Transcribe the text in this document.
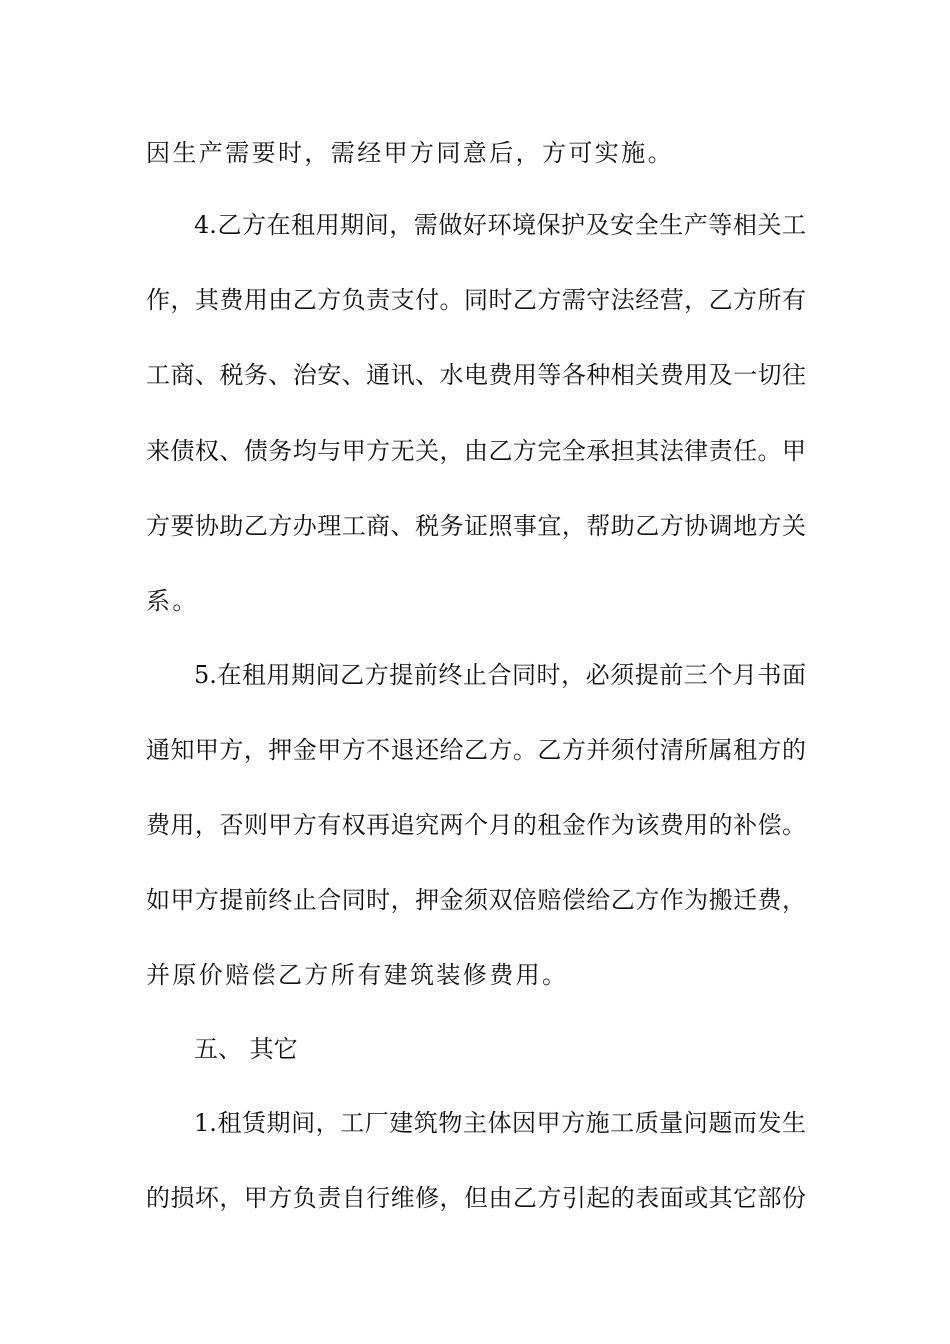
因生产需要时，需经甲方同意后，方可实施。
4.乙方在租用期间，需做好环境保护及安全生产等相关工
作，其费用由乙方负责支付。同时乙方需守法经营，乙方所有
工商、税务、治安、通讯、水电费用等各种相关费用及一切往
来债权、债务均与甲方无关，由乙方完全承担其法律责任。甲
方要协助乙方办理工商、税务证照事宜，帮助乙方协调地方关
系。
5.在租用期间乙方提前终止合同时，必须提前三个月书面
通知甲方，押金甲方不退还给乙方。乙方并须付清所属租方的
费用，否则甲方有权再追究两个月的租金作为该费用的补偿。
如甲方提前终止合同时，押金须双倍赔偿给乙方作为搬迁费，
并原价赔偿乙方所有建筑装修费用。
五、 其它
1.租赁期间，工厂建筑物主体因甲方施工质量问题而发生
的损坏，甲方负责自行维修，但由乙方引起的表面或其它部份
